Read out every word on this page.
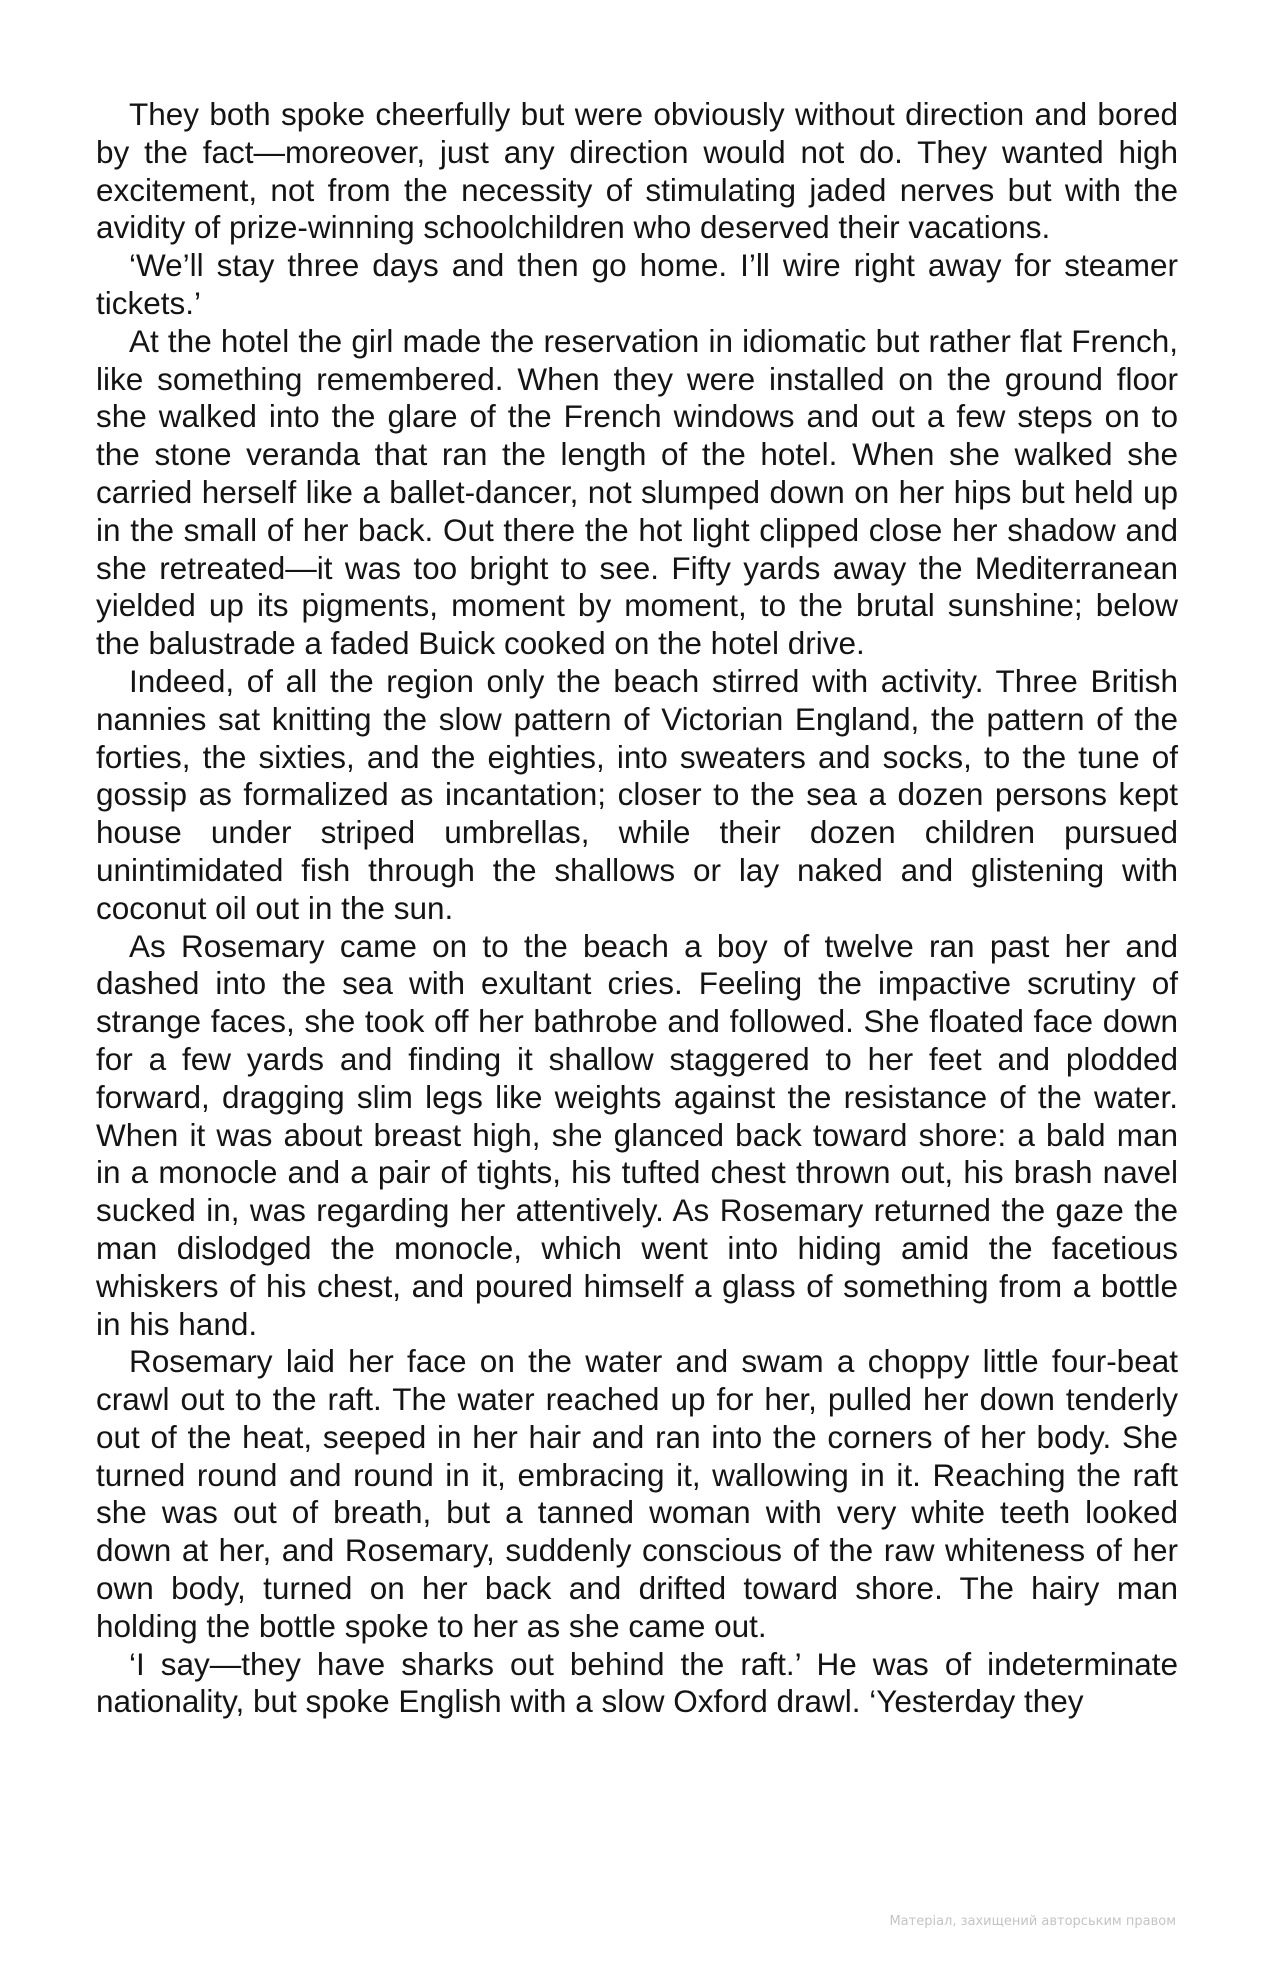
They both spoke cheerfully but were obviously without direction and bored by the fact—moreover, just any direction would not do. They wanted high excitement, not from the necessity of stimulating jaded nerves but with the avidity of prize-winning schoolchildren who deserved their vacations.

‘We’ll stay three days and then go home. I’ll wire right away for steamer tickets.’

At the hotel the girl made the reservation in idiomatic but rather flat French, like something remembered. When they were installed on the ground floor she walked into the glare of the French windows and out a few steps on to the stone veranda that ran the length of the hotel. When she walked she carried herself like a ballet-dancer, not slumped down on her hips but held up in the small of her back. Out there the hot light clipped close her shadow and she retreated—it was too bright to see. Fifty yards away the Mediterranean yielded up its pigments, moment by moment, to the brutal sunshine; below the balustrade a faded Buick cooked on the hotel drive.

Indeed, of all the region only the beach stirred with activity. Three British nannies sat knitting the slow pattern of Victorian England, the pattern of the forties, the sixties, and the eighties, into sweaters and socks, to the tune of gossip as formalized as incantation; closer to the sea a dozen persons kept house under striped umbrellas, while their dozen children pursued unintimidated fish through the shallows or lay naked and glistening with coconut oil out in the sun.

As Rosemary came on to the beach a boy of twelve ran past her and dashed into the sea with exultant cries. Feeling the impactive scrutiny of strange faces, she took off her bathrobe and followed. She floated face down for a few yards and finding it shallow staggered to her feet and plodded forward, dragging slim legs like weights against the resistance of the water. When it was about breast high, she glanced back toward shore: a bald man in a monocle and a pair of tights, his tufted chest thrown out, his brash navel sucked in, was regarding her attentively. As Rosemary returned the gaze the man dislodged the monocle, which went into hiding amid the facetious whiskers of his chest, and poured himself a glass of something from a bottle in his hand.

Rosemary laid her face on the water and swam a choppy little four-beat crawl out to the raft. The water reached up for her, pulled her down tenderly out of the heat, seeped in her hair and ran into the corners of her body. She turned round and round in it, embracing it, wallowing in it. Reaching the raft she was out of breath, but a tanned woman with very white teeth looked down at her, and Rosemary, suddenly conscious of the raw whiteness of her own body, turned on her back and drifted toward shore. The hairy man holding the bottle spoke to her as she came out.

‘I say—they have sharks out behind the raft.’ He was of indeterminate nationality, but spoke English with a slow Oxford drawl. ‘Yesterday they

Матеріал, захищений авторським правом
